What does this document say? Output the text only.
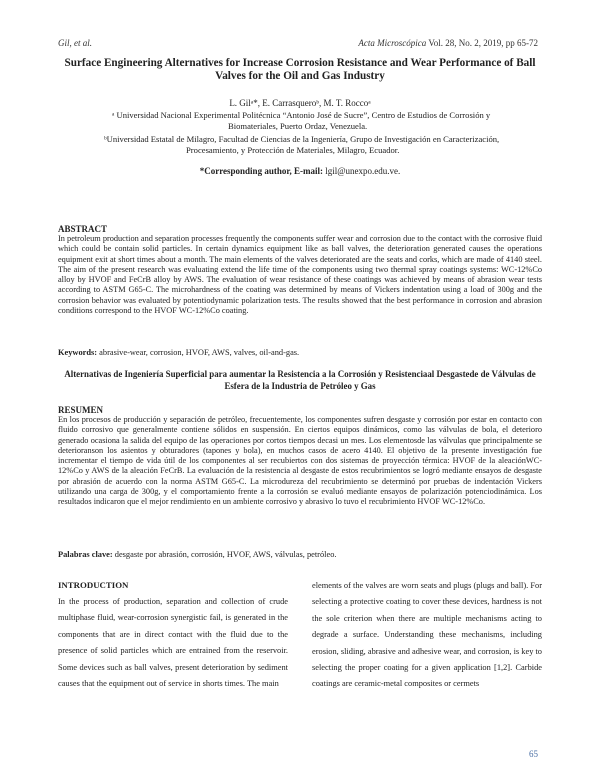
Gil, et al.	Acta Microscópica Vol. 28, No. 2, 2019, pp 65-72
Surface Engineering Alternatives for Increase Corrosion Resistance and Wear Performance of Ball Valves for the Oil and Gas Industry
L. Gilᵃ*, E. Carrasqueroᵇ, M. T. Roccoᵃ
ᵃ Universidad Nacional Experimental Politécnica “Antonio José de Sucre”, Centro de Estudios de Corrosión y
Biomateriales, Puerto Ordaz, Venezuela.
ᵇUniversidad Estatal de Milagro, Facultad de Ciencias de la Ingeniería, Grupo de Investigación en Caracterización,
Procesamiento, y Protección de Materiales, Milagro, Ecuador.
*Corresponding author, E-mail: lgil@unexpo.edu.ve.
ABSTRACT
In petroleum production and separation processes frequently the components suffer wear and corrosion due to the contact with the corrosive fluid which could be contain solid particles. In certain dynamics equipment like as ball valves, the deterioration generated causes the operations equipment exit at short times about a month. The main elements of the valves deteriorated are the seats and corks, which are made of 4140 steel. The aim of the present research was evaluating extend the life time of the components using two thermal spray coatings systems: WC-12%Co alloy by HVOF and FeCrB alloy by AWS. The evaluation of wear resistance of these coatings was achieved by means of abrasion wear tests according to ASTM G65-C. The microhardness of the coating was determined by means of Vickers indentation using a load of 300g and the corrosion behavior was evaluated by potentiodynamic polarization tests. The results showed that the best performance in corrosion and abrasion conditions correspond to the HVOF WC-12%Co coating.
Keywords: abrasive-wear, corrosion, HVOF, AWS, valves, oil-and-gas.
Alternativas de Ingeniería Superficial para aumentar la Resistencia a la Corrosión y Resistenciaal Desgastede de Válvulas de Esfera de la Industria de Petróleo y Gas
RESUMEN
En los procesos de producción y separación de petróleo, frecuentemente, los componentes sufren desgaste y corrosión por estar en contacto con fluido corrosivo que generalmente contiene sólidos en suspensión. En ciertos equipos dinámicos, como las válvulas de bola, el deterioro generado ocasiona la salida del equipo de las operaciones por cortos tiempos decasi un mes. Los elementosde las válvulas que principalmente se deterioranson los asientos y obturadores (tapones y bola), en muchos casos de acero 4140. El objetivo de la presente investigación fue incrementar el tiempo de vida útil de los componentes al ser recubiertos con dos sistemas de proyección térmica: HVOF de la aleaciónWC-12%Co y AWS de la aleación FeCrB. La evaluación de la resistencia al desgaste de estos recubrimientos se logró mediante ensayos de desgaste por abrasión de acuerdo con la norma ASTM G65-C. La microdureza del recubrimiento se determinó por pruebas de indentación Vickers utilizando una carga de 300g, y el comportamiento frente a la corrosión se evaluó mediante ensayos de polarización potenciodinámica. Los resultados indicaron que el mejor rendimiento en un ambiente corrosivo y abrasivo lo tuvo el recubrimiento HVOF WC-12%Co.
Palabras clave: desgaste por abrasión, corrosión, HVOF, AWS, válvulas, petróleo.
INTRODUCTION
In the process of production, separation and collection of crude multiphase fluid, wear-corrosion synergistic fail, is generated in the components that are in direct contact with the fluid due to the presence of solid particles which are entrained from the reservoir. Some devices such as ball valves, present deterioration by sediment causes that the equipment out of service in shorts times. The main
elements of the valves are worn seats and plugs (plugs and ball). For selecting a protective coating to cover these devices, hardness is not the sole criterion when there are multiple mechanisms acting to degrade a surface. Understanding these mechanisms, including erosion, sliding, abrasive and adhesive wear, and corrosion, is key to selecting the proper coating for a given application [1,2]. Carbide coatings are ceramic-metal composites or cermets
65
